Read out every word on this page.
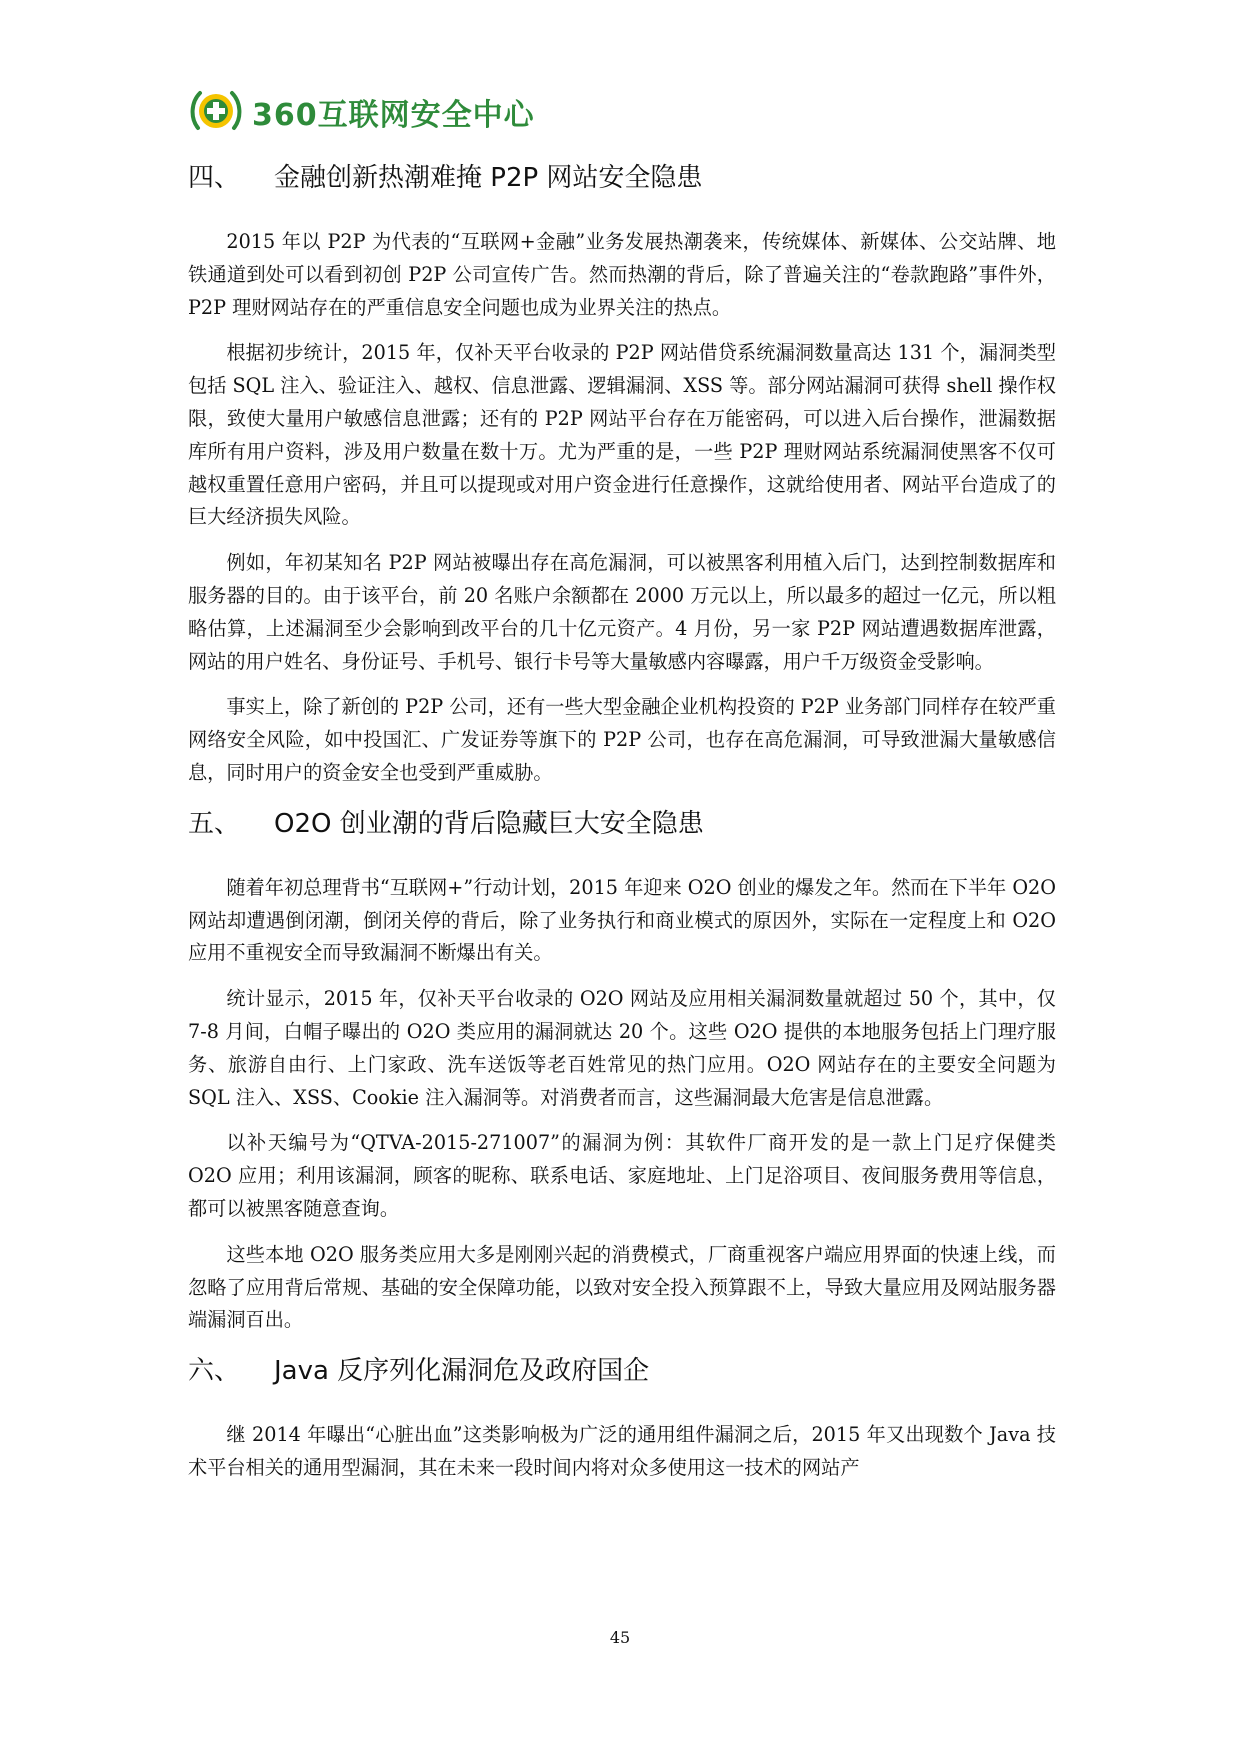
360互联网安全中心
四、	金融创新热潮难掩 P2P 网站安全隐患

2015 年以 P2P 为代表的“互联网+金融”业务发展热潮袭来，传统媒体、新媒体、公交站牌、地铁通道到处可以看到初创 P2P 公司宣传广告。然而热潮的背后，除了普遍关注的“卷款跑路”事件外，P2P 理财网站存在的严重信息安全问题也成为业界关注的热点。

根据初步统计，2015 年，仅补天平台收录的 P2P 网站借贷系统漏洞数量高达 131 个，漏洞类型包括 SQL 注入、验证注入、越权、信息泄露、逻辑漏洞、XSS 等。部分网站漏洞可获得 shell 操作权限，致使大量用户敏感信息泄露；还有的 P2P 网站平台存在万能密码，可以进入后台操作，泄漏数据库所有用户资料，涉及用户数量在数十万。尤为严重的是，一些 P2P 理财网站系统漏洞使黑客不仅可越权重置任意用户密码，并且可以提现或对用户资金进行任意操作，这就给使用者、网站平台造成了的巨大经济损失风险。

例如，年初某知名 P2P 网站被曝出存在高危漏洞，可以被黑客利用植入后门，达到控制数据库和服务器的目的。由于该平台，前 20 名账户余额都在 2000 万元以上，所以最多的超过一亿元，所以粗略估算，上述漏洞至少会影响到改平台的几十亿元资产。4 月份，另一家 P2P 网站遭遇数据库泄露，网站的用户姓名、身份证号、手机号、银行卡号等大量敏感内容曝露，用户千万级资金受影响。

事实上，除了新创的 P2P 公司，还有一些大型金融企业机构投资的 P2P 业务部门同样存在较严重网络安全风险，如中投国汇、广发证券等旗下的 P2P 公司，也存在高危漏洞，可导致泄漏大量敏感信息，同时用户的资金安全也受到严重威胁。

五、	O2O 创业潮的背后隐藏巨大安全隐患

随着年初总理背书“互联网+”行动计划，2015 年迎来 O2O 创业的爆发之年。然而在下半年 O2O 网站却遭遇倒闭潮，倒闭关停的背后，除了业务执行和商业模式的原因外，实际在一定程度上和 O2O 应用不重视安全而导致漏洞不断爆出有关。

统计显示，2015 年，仅补天平台收录的 O2O 网站及应用相关漏洞数量就超过 50 个，其中，仅 7-8 月间，白帽子曝出的 O2O 类应用的漏洞就达 20 个。这些 O2O 提供的本地服务包括上门理疗服务、旅游自由行、上门家政、洗车送饭等老百姓常见的热门应用。O2O 网站存在的主要安全问题为 SQL 注入、XSS、Cookie 注入漏洞等。对消费者而言，这些漏洞最大危害是信息泄露。

以补天编号为“QTVA-2015-271007”的漏洞为例：其软件厂商开发的是一款上门足疗保健类 O2O 应用；利用该漏洞，顾客的昵称、联系电话、家庭地址、上门足浴项目、夜间服务费用等信息，都可以被黑客随意查询。

这些本地 O2O 服务类应用大多是刚刚兴起的消费模式，厂商重视客户端应用界面的快速上线，而忽略了应用背后常规、基础的安全保障功能，以致对安全投入预算跟不上，导致大量应用及网站服务器端漏洞百出。

六、	Java 反序列化漏洞危及政府国企

继 2014 年曝出“心脏出血”这类影响极为广泛的通用组件漏洞之后，2015 年又出现数个 Java 技术平台相关的通用型漏洞，其在未来一段时间内将对众多使用这一技术的网站产

45
